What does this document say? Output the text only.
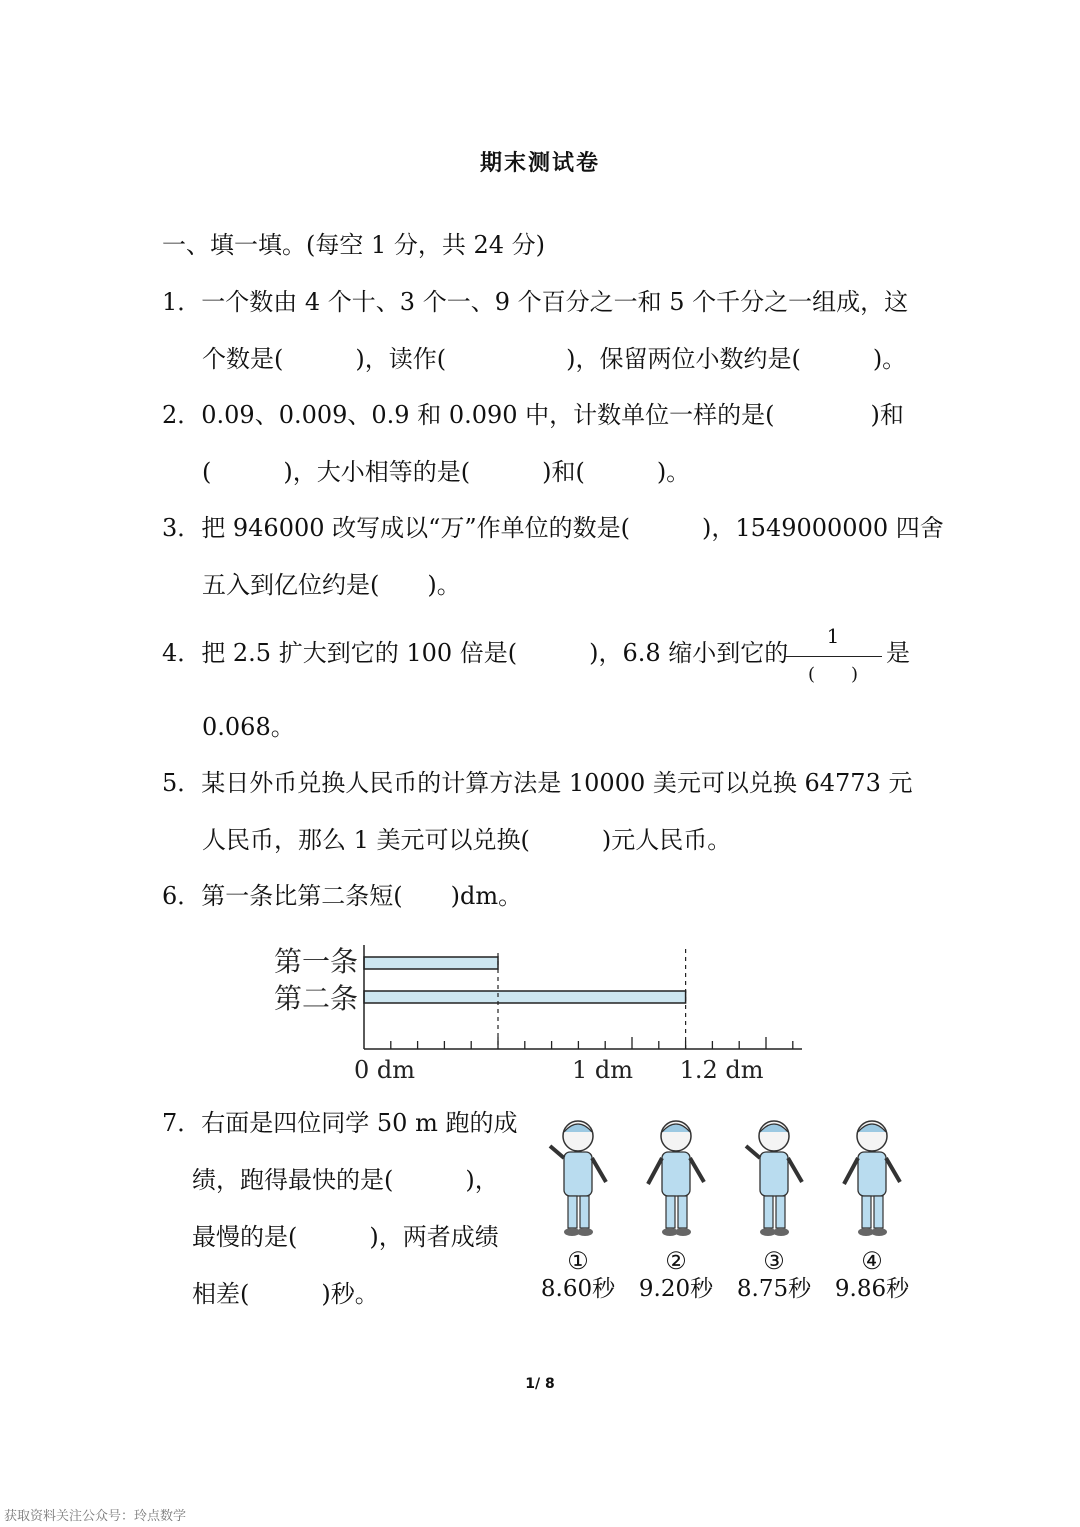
期末测试卷
一、填一填。(每空 1 分，共 24 分)
1．一个数由 4 个十、3 个一、9 个百分之一和 5 个千分之一组成，这
个数是(　　　)，读作(　　　　　)，保留两位小数约是(　　　)。
2．0.09、0.009、0.9 和 0.090 中，计数单位一样的是(　　　　)和
(　　　)，大小相等的是(　　　)和(　　　)。
3．把 946000 改写成以“万”作单位的数是(　　　)，1549000000 四舍
五入到亿位约是(　　)。
4．把 2.5 扩大到它的 100 倍是(　　　)，6.8 缩小到它的
1
(　　)
是
0.068。
5．某日外币兑换人民币的计算方法是 10000 美元可以兑换 64773 元
人民币，那么 1 美元可以兑换(　　　)元人民币。
6．第一条比第二条短(　　)dm。
第一条
第二条
0 dm	1 dm 1.2 dm
7．右面是四位同学 50 m 跑的成
绩，跑得最快的是(　　　)，
最慢的是(　　　)，两者成绩
相差(　　　)秒。
①
8.60秒
②
9.20秒
③
8.75秒
④
9.86秒
1/ 8
获取资料关注公众号：玲点数学
